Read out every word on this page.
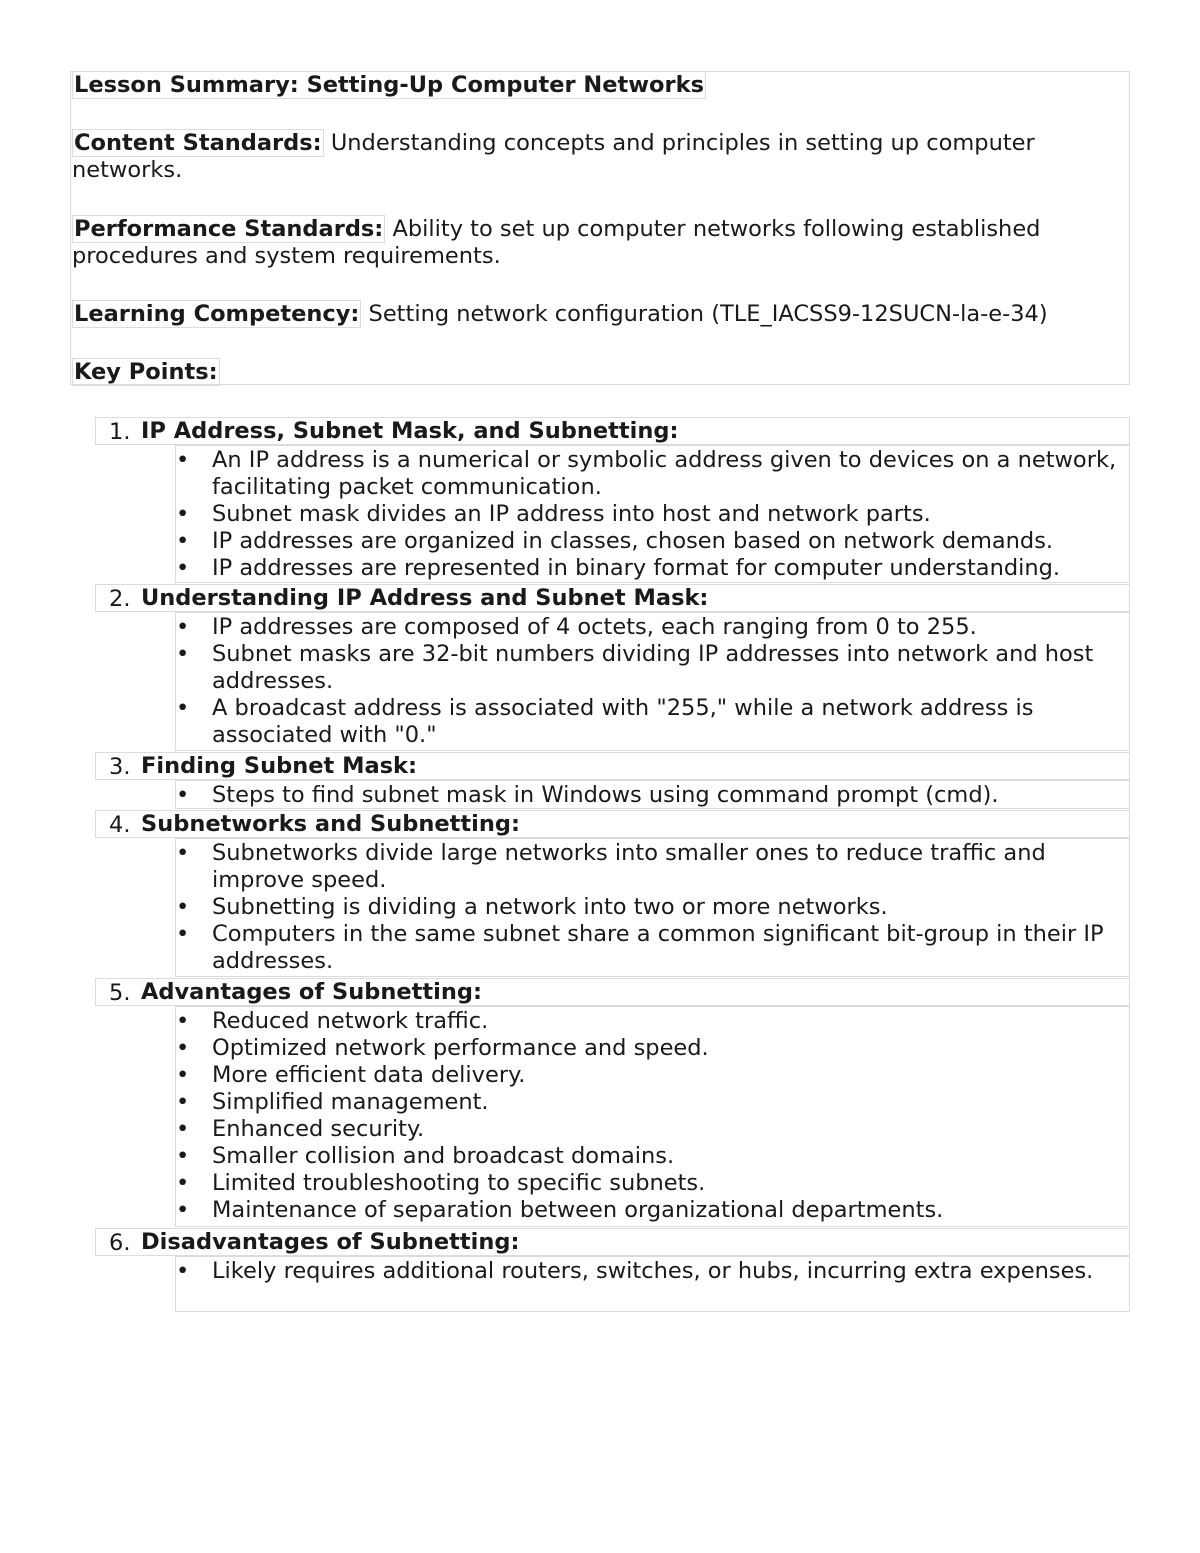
Lesson Summary: Setting-Up Computer Networks

Content Standards: Understanding concepts and principles in setting up computer networks.

Performance Standards: Ability to set up computer networks following established procedures and system requirements.

Learning Competency: Setting network configuration (TLE_IACSS9-12SUCN-la-e-34)

Key Points:

1. IP Address, Subnet Mask, and Subnetting:
• An IP address is a numerical or symbolic address given to devices on a network, facilitating packet communication.
• Subnet mask divides an IP address into host and network parts.
• IP addresses are organized in classes, chosen based on network demands.
• IP addresses are represented in binary format for computer understanding.
2. Understanding IP Address and Subnet Mask:
• IP addresses are composed of 4 octets, each ranging from 0 to 255.
• Subnet masks are 32-bit numbers dividing IP addresses into network and host addresses.
• A broadcast address is associated with "255," while a network address is associated with "0."
3. Finding Subnet Mask:
• Steps to find subnet mask in Windows using command prompt (cmd).
4. Subnetworks and Subnetting:
• Subnetworks divide large networks into smaller ones to reduce traffic and improve speed.
• Subnetting is dividing a network into two or more networks.
• Computers in the same subnet share a common significant bit-group in their IP addresses.
5. Advantages of Subnetting:
• Reduced network traffic.
• Optimized network performance and speed.
• More efficient data delivery.
• Simplified management.
• Enhanced security.
• Smaller collision and broadcast domains.
• Limited troubleshooting to specific subnets.
• Maintenance of separation between organizational departments.
6. Disadvantages of Subnetting:
• Likely requires additional routers, switches, or hubs, incurring extra expenses.
